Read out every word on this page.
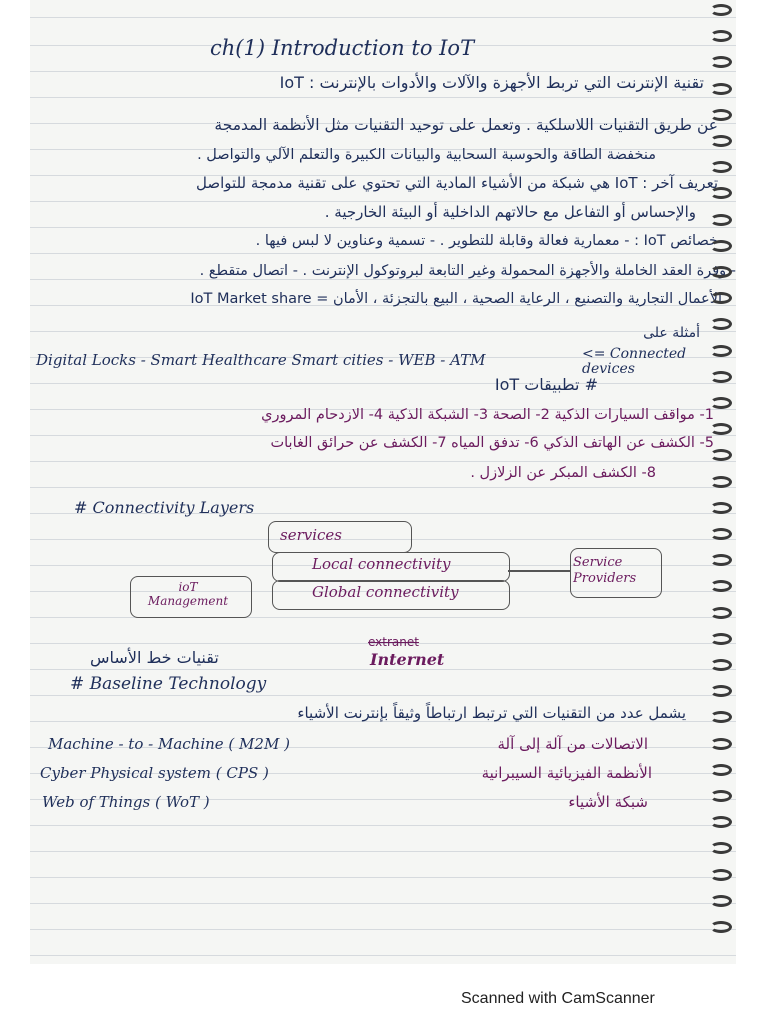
ch(1) Introduction to IoT
IoT : تقنية الإنترنت التي تربط الأجهزة والآلات والأدوات بالإنترنت
عن طريق التقنيات اللاسلكية . وتعمل على توحيد التقنيات مثل الأنظمة المدمجة
منخفضة الطاقة والحوسبة السحابية والبيانات الكبيرة والتعلم الآلي والتواصل .
تعريف آخر : IoT هي شبكة من الأشياء المادية التي تحتوي على تقنية مدمجة للتواصل
والإحساس أو التفاعل مع حالاتهم الداخلية أو البيئة الخارجية .
خصائص IoT : - معمارية فعالة وقابلة للتطوير . - تسمية وعناوين لا لبس فيها .
- وفرة العقد الخاملة والأجهزة المحمولة وغير التابعة لبروتوكول الإنترنت . - اتصال متقطع .
IoT Market share = الأعمال التجارية والتصنيع ، الرعاية الصحية ، البيع بالتجزئة ، الأمان
أمثلة على
Digital Locks - Smart Healthcare Smart cities - WEB - ATM	<= Connected devices
# تطبيقات IoT
1- مواقف السيارات الذكية 2- الصحة 3- الشبكة الذكية 4- الازدحام المروري
5- الكشف عن الهاتف الذكي 6- تدفق المياه 7- الكشف عن حرائق الغابات
8- الكشف المبكر عن الزلازل .
# Connectivity Layers
services
Local connectivity
Global connectivity
ioT Management
Service Providers
extranet
Internet
تقنيات خط الأساس
# Baseline Technology
يشمل عدد من التقنيات التي ترتبط ارتباطاً وثيقاً بإنترنت الأشياء
Machine - to - Machine ( M2M )	الاتصالات من آلة إلى آلة
Cyber Physical system ( CPS )	الأنظمة الفيزيائية السيبرانية
Web of Things ( WoT )	شبكة الأشياء
Scanned with CamScanner
